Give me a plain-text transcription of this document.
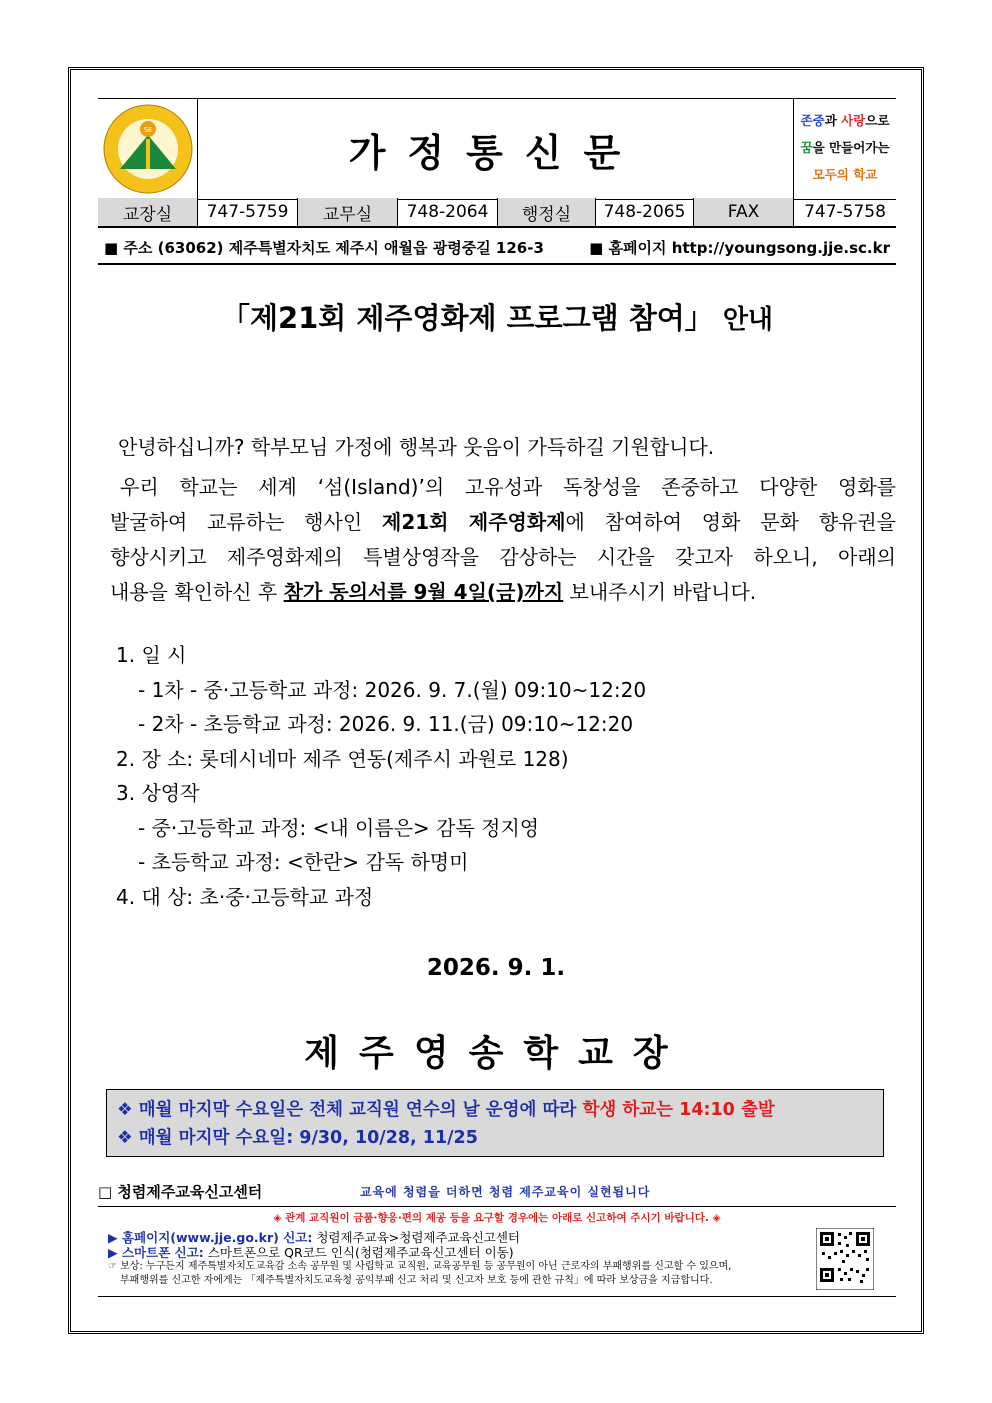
SE	가정통신문
존중과 사랑으로
꿈을 만들어가는
모두의 학교
교장실	747-5759	교무실	748-2064	행정실	748-2065	FAX	747-5758
■ 주소 (63062) 제주특별자치도 제주시 애월읍 광령중길 126-3	■ 홈페이지 http://youngsong.jje.sc.kr
「제21회 제주영화제 프로그램 참여」 안내
안녕하십니까? 학부모님 가정에 행복과 웃음이 가득하길 기원합니다.
우리 학교는 세계 ‘섬(Island)’의 고유성과 독창성을 존중하고 다양한 영화를
발굴하여 교류하는 행사인 제21회 제주영화제에 참여하여 영화 문화 향유권을
향상시키고 제주영화제의 특별상영작을 감상하는 시간을 갖고자 하오니, 아래의
내용을 확인하신 후 참가 동의서를 9월 4일(금)까지 보내주시기 바랍니다.
1. 일 시
- 1차 - 중·고등학교 과정: 2026. 9. 7.(월) 09:10~12:20
- 2차 - 초등학교 과정: 2026. 9. 11.(금) 09:10~12:20
2. 장 소: 롯데시네마 제주 연동(제주시 과원로 128)
3. 상영작
- 중·고등학교 과정: <내 이름은> 감독 정지영
- 초등학교 과정: <한란> 감독 하명미
4. 대 상: 초·중·고등학교 과정
2026. 9. 1.
제주영송학교장
❖ 매월 마지막 수요일은 전체 교직원 연수의 날 운영에 따라 학생 하교는 14:10 출발
❖ 매월 마지막 수요일: 9/30, 10/28, 11/25
□ 청렴제주교육신고센터	교육에 청렴을 더하면 청렴 제주교육이 실현됩니다
◈ 관계 교직원이 금품·향응·편의 제공 등을 요구할 경우에는 아래로 신고하여 주시기 바랍니다. ◈
▶ 홈페이지(www.jje.go.kr) 신고: 청렴제주교육>청렴제주교육신고센터
▶ 스마트폰 신고: 스마트폰으로 QR코드 인식(청렴제주교육신고센터 이동)
☞ 보상: 누구든지 제주특별자치도교육감 소속 공무원 및 사립학교 교직원, 교육공무원 등 공무원이 아닌 근로자의 부패행위를 신고할 수 있으며,
부패행위를 신고한 자에게는 「제주특별자치도교육청 공익부패 신고 처리 및 신고자 보호 등에 관한 규칙」에 따라 보상금을 지급합니다.
